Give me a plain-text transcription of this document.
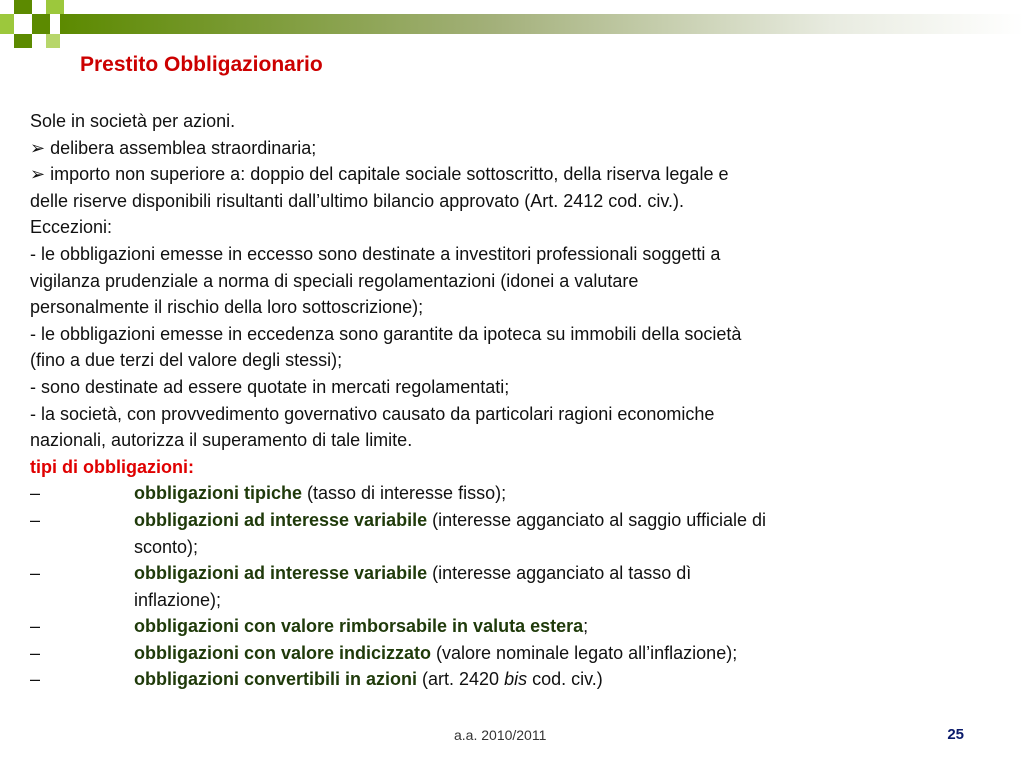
Prestito Obbligazionario
Sole in società per azioni.
➢ delibera assemblea straordinaria;
➢ importo non superiore a: doppio del capitale sociale sottoscritto, della riserva legale e
delle riserve disponibili risultanti dall’ultimo bilancio approvato (Art. 2412 cod. civ.).
Eccezioni:
- le obbligazioni emesse in eccesso sono destinate a investitori professionali soggetti a
vigilanza prudenziale a norma di speciali regolamentazioni (idonei a valutare
personalmente il rischio della loro sottoscrizione);
- le obbligazioni emesse in eccedenza sono garantite da ipoteca su immobili della società
(fino a due terzi del valore degli stessi);
- sono destinate ad essere quotate in mercati regolamentati;
- la società, con provvedimento governativo causato da particolari ragioni economiche
nazionali, autorizza il superamento di tale limite.
tipi di obbligazioni:
–	obbligazioni tipiche (tasso di interesse fisso);
–	obbligazioni ad interesse variabile (interesse agganciato al saggio ufficiale di
sconto);
–	obbligazioni ad interesse variabile (interesse agganciato al tasso dì
inflazione);
–	obbligazioni con valore rimborsabile in valuta estera;
–	obbligazioni con valore indicizzato (valore nominale legato all’inflazione);
–	obbligazioni convertibili in azioni (art. 2420 bis cod. civ.)
a.a. 2010/2011	25
